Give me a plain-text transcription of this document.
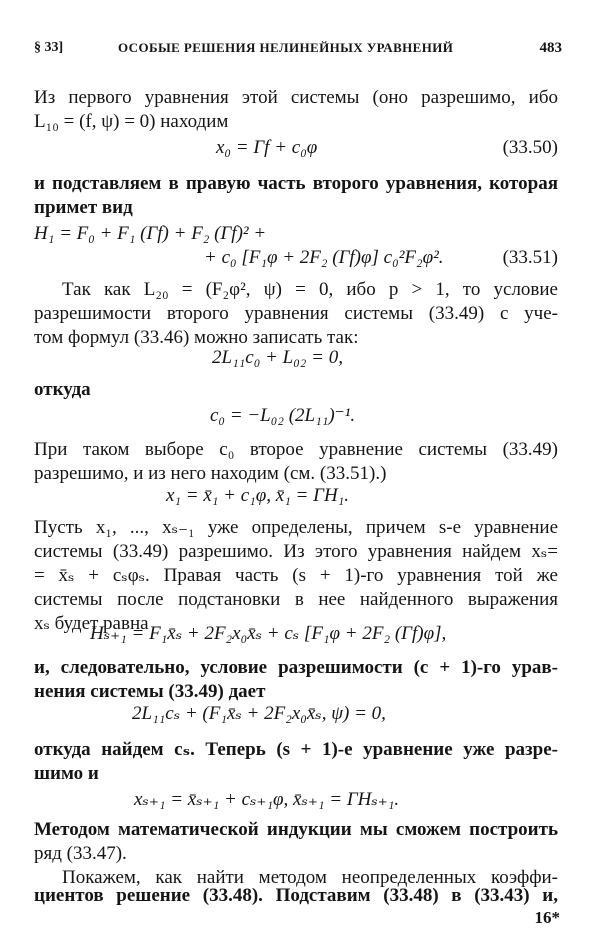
§ 33]	ОСОБЫЕ РЕШЕНИЯ НЕЛИНЕЙНЫХ УРАВНЕНИЙ	483
Из первого уравнения этой системы (оно разрешимо, ибо
L₁₀ = (f, ψ) = 0) находим
x₀ = Γf + c₀φ	(33.50)
и подставляем в правую часть второго уравнения, которая
примет вид
H₁ = F₀ + F₁ (Γf) + F₂ (Γf)² +
+ c₀ [F₁φ + 2F₂ (Γf)φ] c₀²F₂φ².	(33.51)
Так как L₂₀ = (F₂φ², ψ) = 0, ибо p > 1, то условие
разрешимости второго уравнения системы (33.49) с уче-
том формул (33.46) можно записать так:
2L₁₁c₀ + L₀₂ = 0,
откуда
c₀ = −L₀₂ (2L₁₁)⁻¹.
При таком выборе c₀ второе уравнение системы (33.49)
разрешимо, и из него находим (см. (33.51).)
x₁ = x̄₁ + c₁φ, x̄₁ = ΓH₁.
Пусть x₁, ..., xₛ₋₁ уже определены, причем s-е уравнение
системы (33.49) разрешимо. Из этого уравнения найдем xₛ=
= x̄ₛ + cₛφₛ. Правая часть (s + 1)-го уравнения той же
системы после подстановки в нее найденного выражения
xₛ будет равна
Hₛ₊₁ = F₁x̄ₛ + 2F₂x₀x̄ₛ + cₛ [F₁φ + 2F₂ (Γf)φ],
и, следовательно, условие разрешимости (c + 1)-го урав-
нения системы (33.49) дает
2L₁₁cₛ + (F₁x̄ₛ + 2F₂x₀x̄ₛ, ψ) = 0,
откуда найдем cₛ. Теперь (s + 1)-е уравнение уже разре-
шимо и
xₛ₊₁ = x̄ₛ₊₁ + cₛ₊₁φ, x̄ₛ₊₁ = ΓHₛ₊₁.
Методом математической индукции мы сможем построить
ряд (33.47).
Покажем, как найти методом неопределенных коэффи-
циентов решение (33.48). Подставим (33.48) в (33.43) и,
16*
